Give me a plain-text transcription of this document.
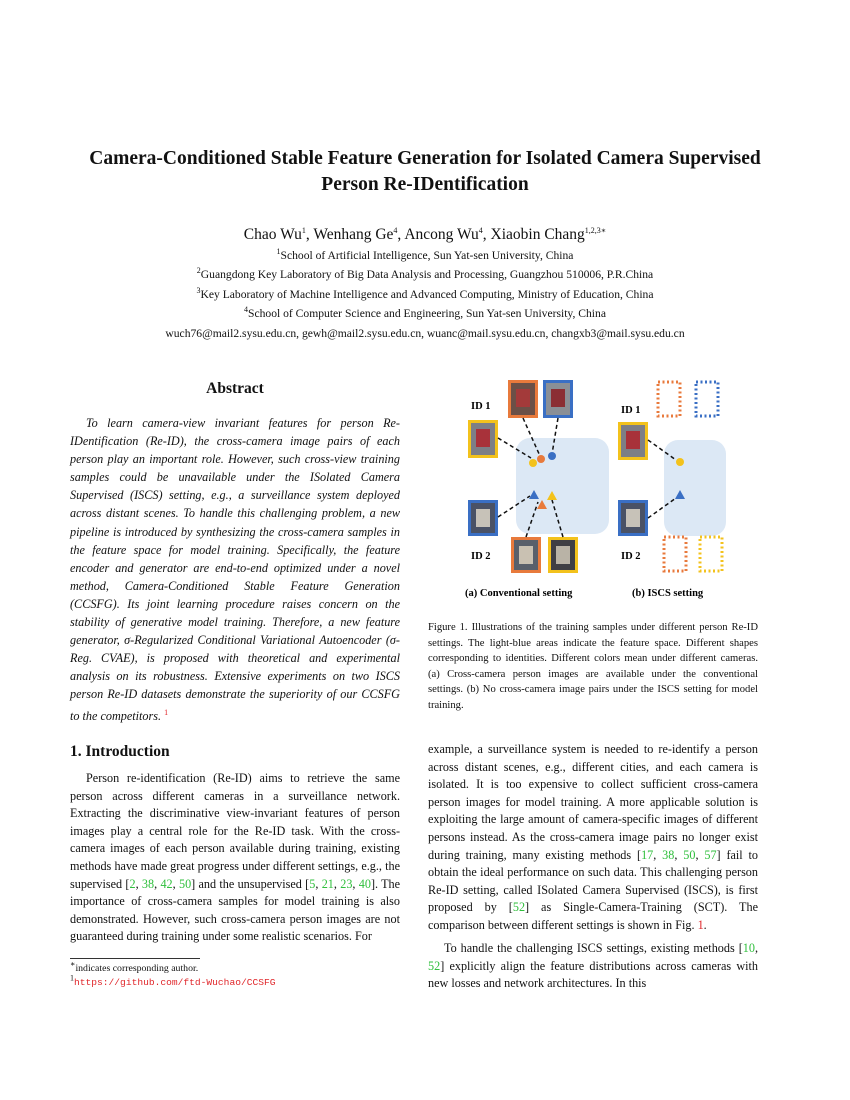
Camera-Conditioned Stable Feature Generation for Isolated Camera Supervised
Person Re-IDentification
Chao Wu$^1$, Wenhang Ge$^4$, Ancong Wu$^4$, Xiaobin Chang$^{1,2,3∗}$
$^1$School of Artificial Intelligence, Sun Yat-sen University, China
$^2$Guangdong Key Laboratory of Big Data Analysis and Processing, Guangzhou 510006, P.R.China
$^3$Key Laboratory of Machine Intelligence and Advanced Computing, Ministry of Education, China
$^4$School of Computer Science and Engineering, Sun Yat-sen University, China
wuch76@mail2.sysu.edu.cn, gewh@mail2.sysu.edu.cn, wuanc@mail.sysu.edu.cn, changxb3@mail.sysu.edu.cn
Abstract
To learn camera-view invariant features for person Re-IDentification (Re-ID), the cross-camera image pairs of each person play an important role. However, such cross-view training samples could be unavailable under the ISolated Camera Supervised (ISCS) setting, e.g., a surveillance system deployed across distant scenes. To handle this challenging problem, a new pipeline is introduced by synthesizing the cross-camera samples in the feature space for model training. Specifically, the feature encoder and generator are end-to-end optimized under a novel method, Camera-Conditioned Stable Feature Generation (CCSFG). Its joint learning procedure raises concern on the stability of generative model training. Therefore, a new feature generator, σ-Regularized Conditional Variational Autoencoder (σ-Reg. CVAE), is proposed with theoretical and experimental analysis on its robustness. Extensive experiments on two ISCS person Re-ID datasets demonstrate the superiority of our CCSFG to the competitors. $^1$
ID 1	ID 1
ID 2	ID 2
(a) Conventional setting	(b) ISCS setting
Figure 1. Illustrations of the training samples under different person Re-ID settings. The light-blue areas indicate the feature space. Different shapes corresponding to identities. Different colors mean under different cameras. (a) Cross-camera person images are available under the conventional settings. (b) No cross-camera image pairs under the ISCS setting for model training.
1. Introduction
Person re-identification (Re-ID) aims to retrieve the same person across different cameras in a surveillance network. Extracting the discriminative view-invariant features of person images play a central role for the Re-ID task. With the cross-camera images of each person available during training, existing methods have made great progress under different settings, e.g., the supervised [2, 38, 42, 50] and the unsupervised [5, 21, 23, 40]. The importance of cross-camera samples for model training is also demonstrated. However, such cross-camera person images are not guaranteed during training under some realistic scenarios. For
example, a surveillance system is needed to re-identify a person across distant scenes, e.g., different cities, and each camera is isolated. It is too expensive to collect sufficient cross-camera person images for model training. A more applicable solution is exploiting the large amount of camera-specific images of different persons instead. As the cross-camera image pairs no longer exist during training, many existing methods [17, 38, 50, 57] fail to obtain the ideal performance on such data. This challenging person Re-ID setting, called ISolated Camera Supervised (ISCS), is first proposed by [52] as Single-Camera-Training (SCT). The comparison between different settings is shown in Fig. 1.
To handle the challenging ISCS settings, existing methods [10, 52] explicitly align the feature distributions across cameras with new losses and network architectures. In this
∗indicates corresponding author.
$^1$https://github.com/ftd-Wuchao/CCSFG
